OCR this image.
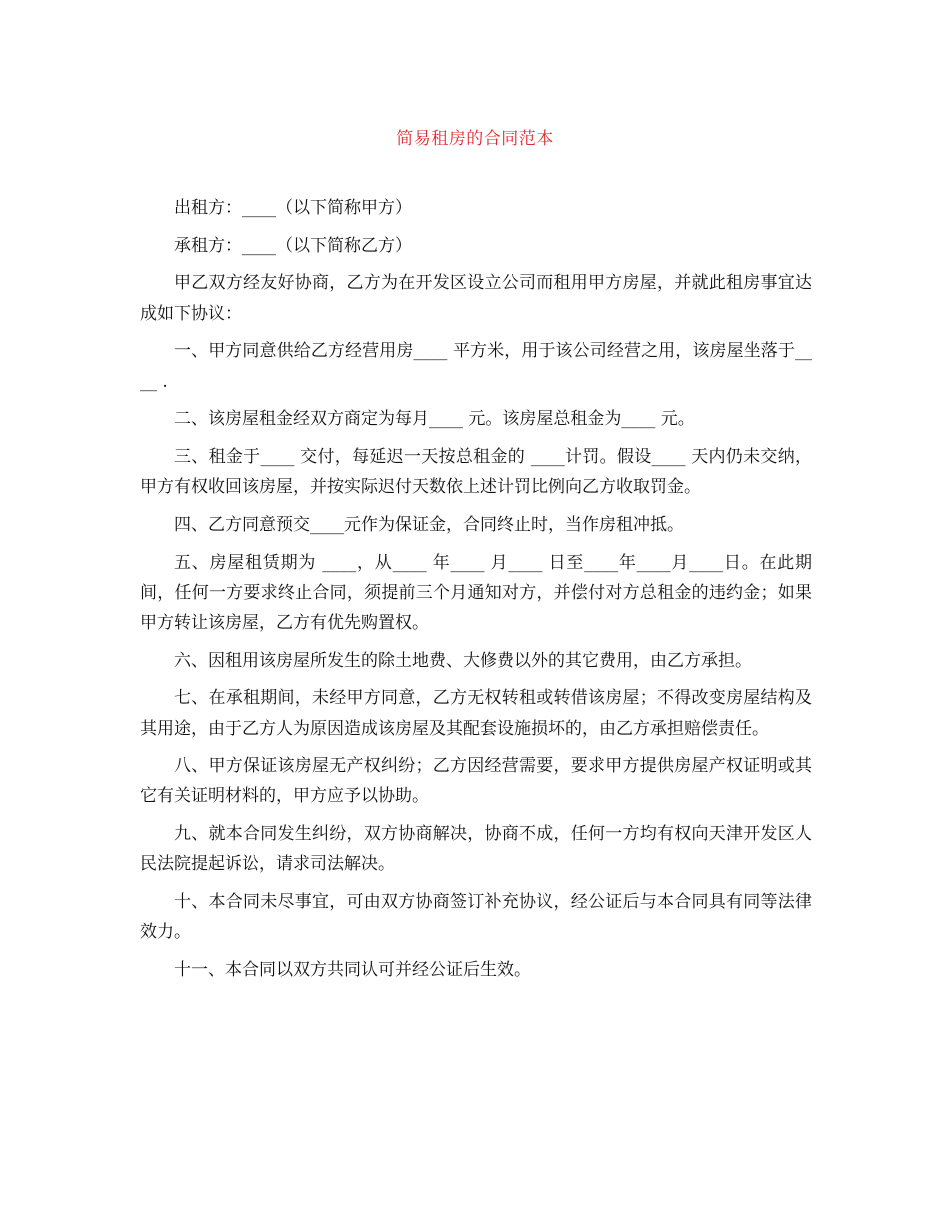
简易租房的合同范本

出租方：____（以下简称甲方）

承租方：____（以下简称乙方）

甲乙双方经友好协商，乙方为在开发区设立公司而租用甲方房屋，并就此租房事宜达成如下协议：

一、甲方同意供给乙方经营用房____ 平方米，用于该公司经营之用，该房屋坐落于____ .

二、该房屋租金经双方商定为每月____ 元。该房屋总租金为____ 元。

三、租金于____ 交付，每延迟一天按总租金的 ____计罚。假设____ 天内仍未交纳，甲方有权收回该房屋，并按实际迟付天数依上述计罚比例向乙方收取罚金。

四、乙方同意预交____元作为保证金，合同终止时，当作房租冲抵。

五、房屋租赁期为 ____，从____ 年____ 月____ 日至____年____月____日。在此期间，任何一方要求终止合同，须提前三个月通知对方，并偿付对方总租金的违约金；如果甲方转让该房屋，乙方有优先购置权。

六、因租用该房屋所发生的除土地费、大修费以外的其它费用，由乙方承担。

七、在承租期间，未经甲方同意，乙方无权转租或转借该房屋；不得改变房屋结构及其用途，由于乙方人为原因造成该房屋及其配套设施损坏的，由乙方承担赔偿责任。

八、甲方保证该房屋无产权纠纷；乙方因经营需要，要求甲方提供房屋产权证明或其它有关证明材料的，甲方应予以协助。

九、就本合同发生纠纷，双方协商解决，协商不成，任何一方均有权向天津开发区人民法院提起诉讼，请求司法解决。

十、本合同未尽事宜，可由双方协商签订补充协议，经公证后与本合同具有同等法律效力。

十一、本合同以双方共同认可并经公证后生效。
